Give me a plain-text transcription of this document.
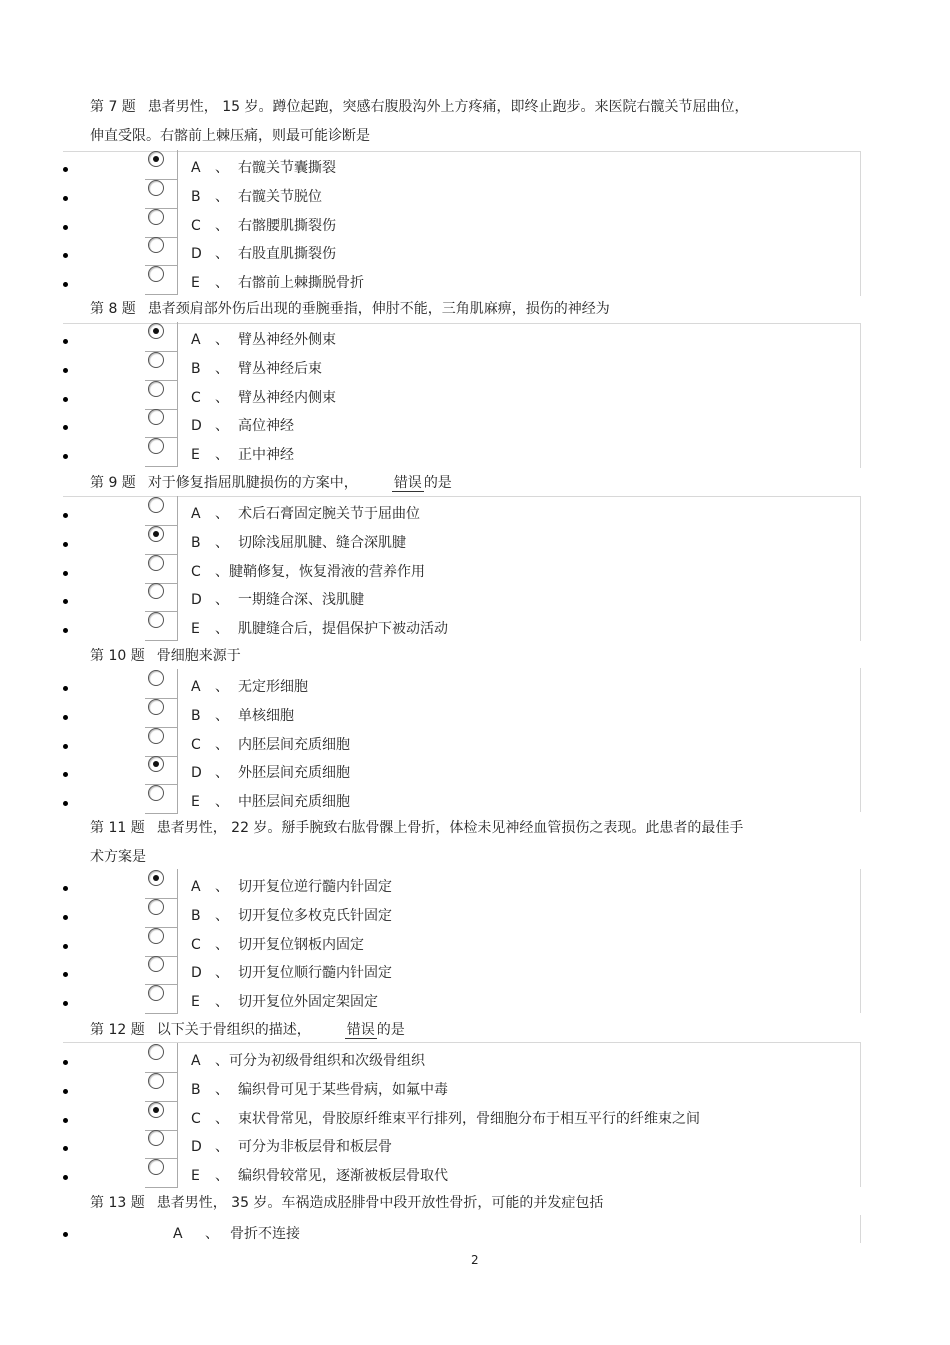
第 7 题 患者男性， 15 岁。蹲位起跑，突感右腹股沟外上方疼痛，即终止跑步。来医院右髋关节屈曲位，
伸直受限。右髂前上棘压痛，则最可能诊断是
第 8 题 患者颈肩部外伤后出现的垂腕垂指，伸肘不能，三角肌麻痹，损伤的神经为
第 9 题 对于修复指屈肌腱损伤的方案中，	错误 的是
第 10 题 骨细胞来源于
第 11 题 患者男性， 22 岁。掰手腕致右肱骨髁上骨折，体检未见神经血管损伤之表现。此患者的最佳手
术方案是
第 12 题 以下关于骨组织的描述，	错误 的是
第 13 题 患者男性， 35 岁。车祸造成胫腓骨中段开放性骨折，可能的并发症包括
2
A 、 右髋关节囊撕裂
B 、 右髋关节脱位
C 、 右髂腰肌撕裂伤
D 、 右股直肌撕裂伤
E 、 右髂前上棘撕脱骨折
A 、 臂丛神经外侧束
B 、 臂丛神经后束
C 、 臂丛神经内侧束
D 、 高位神经
E 、 正中神经
A 、 术后石膏固定腕关节于屈曲位
B 、 切除浅屈肌腱、缝合深肌腱
C 、 腱鞘修复，恢复滑液的营养作用
D 、 一期缝合深、浅肌腱
E 、 肌腱缝合后，提倡保护下被动活动
A 、 无定形细胞
B 、 单核细胞
C 、 内胚层间充质细胞
D 、 外胚层间充质细胞
E 、 中胚层间充质细胞
A 、 切开复位逆行髓内针固定
B 、 切开复位多枚克氏针固定
C 、 切开复位钢板内固定
D 、 切开复位顺行髓内针固定
E 、 切开复位外固定架固定
A 、 可分为初级骨组织和次级骨组织
B 、 编织骨可见于某些骨病，如氟中毒
C 、 束状骨常见，骨胶原纤维束平行排列，骨细胞分布于相互平行的纤维束之间
D 、 可分为非板层骨和板层骨
E 、 编织骨较常见，逐渐被板层骨取代
A 、 骨折不连接
